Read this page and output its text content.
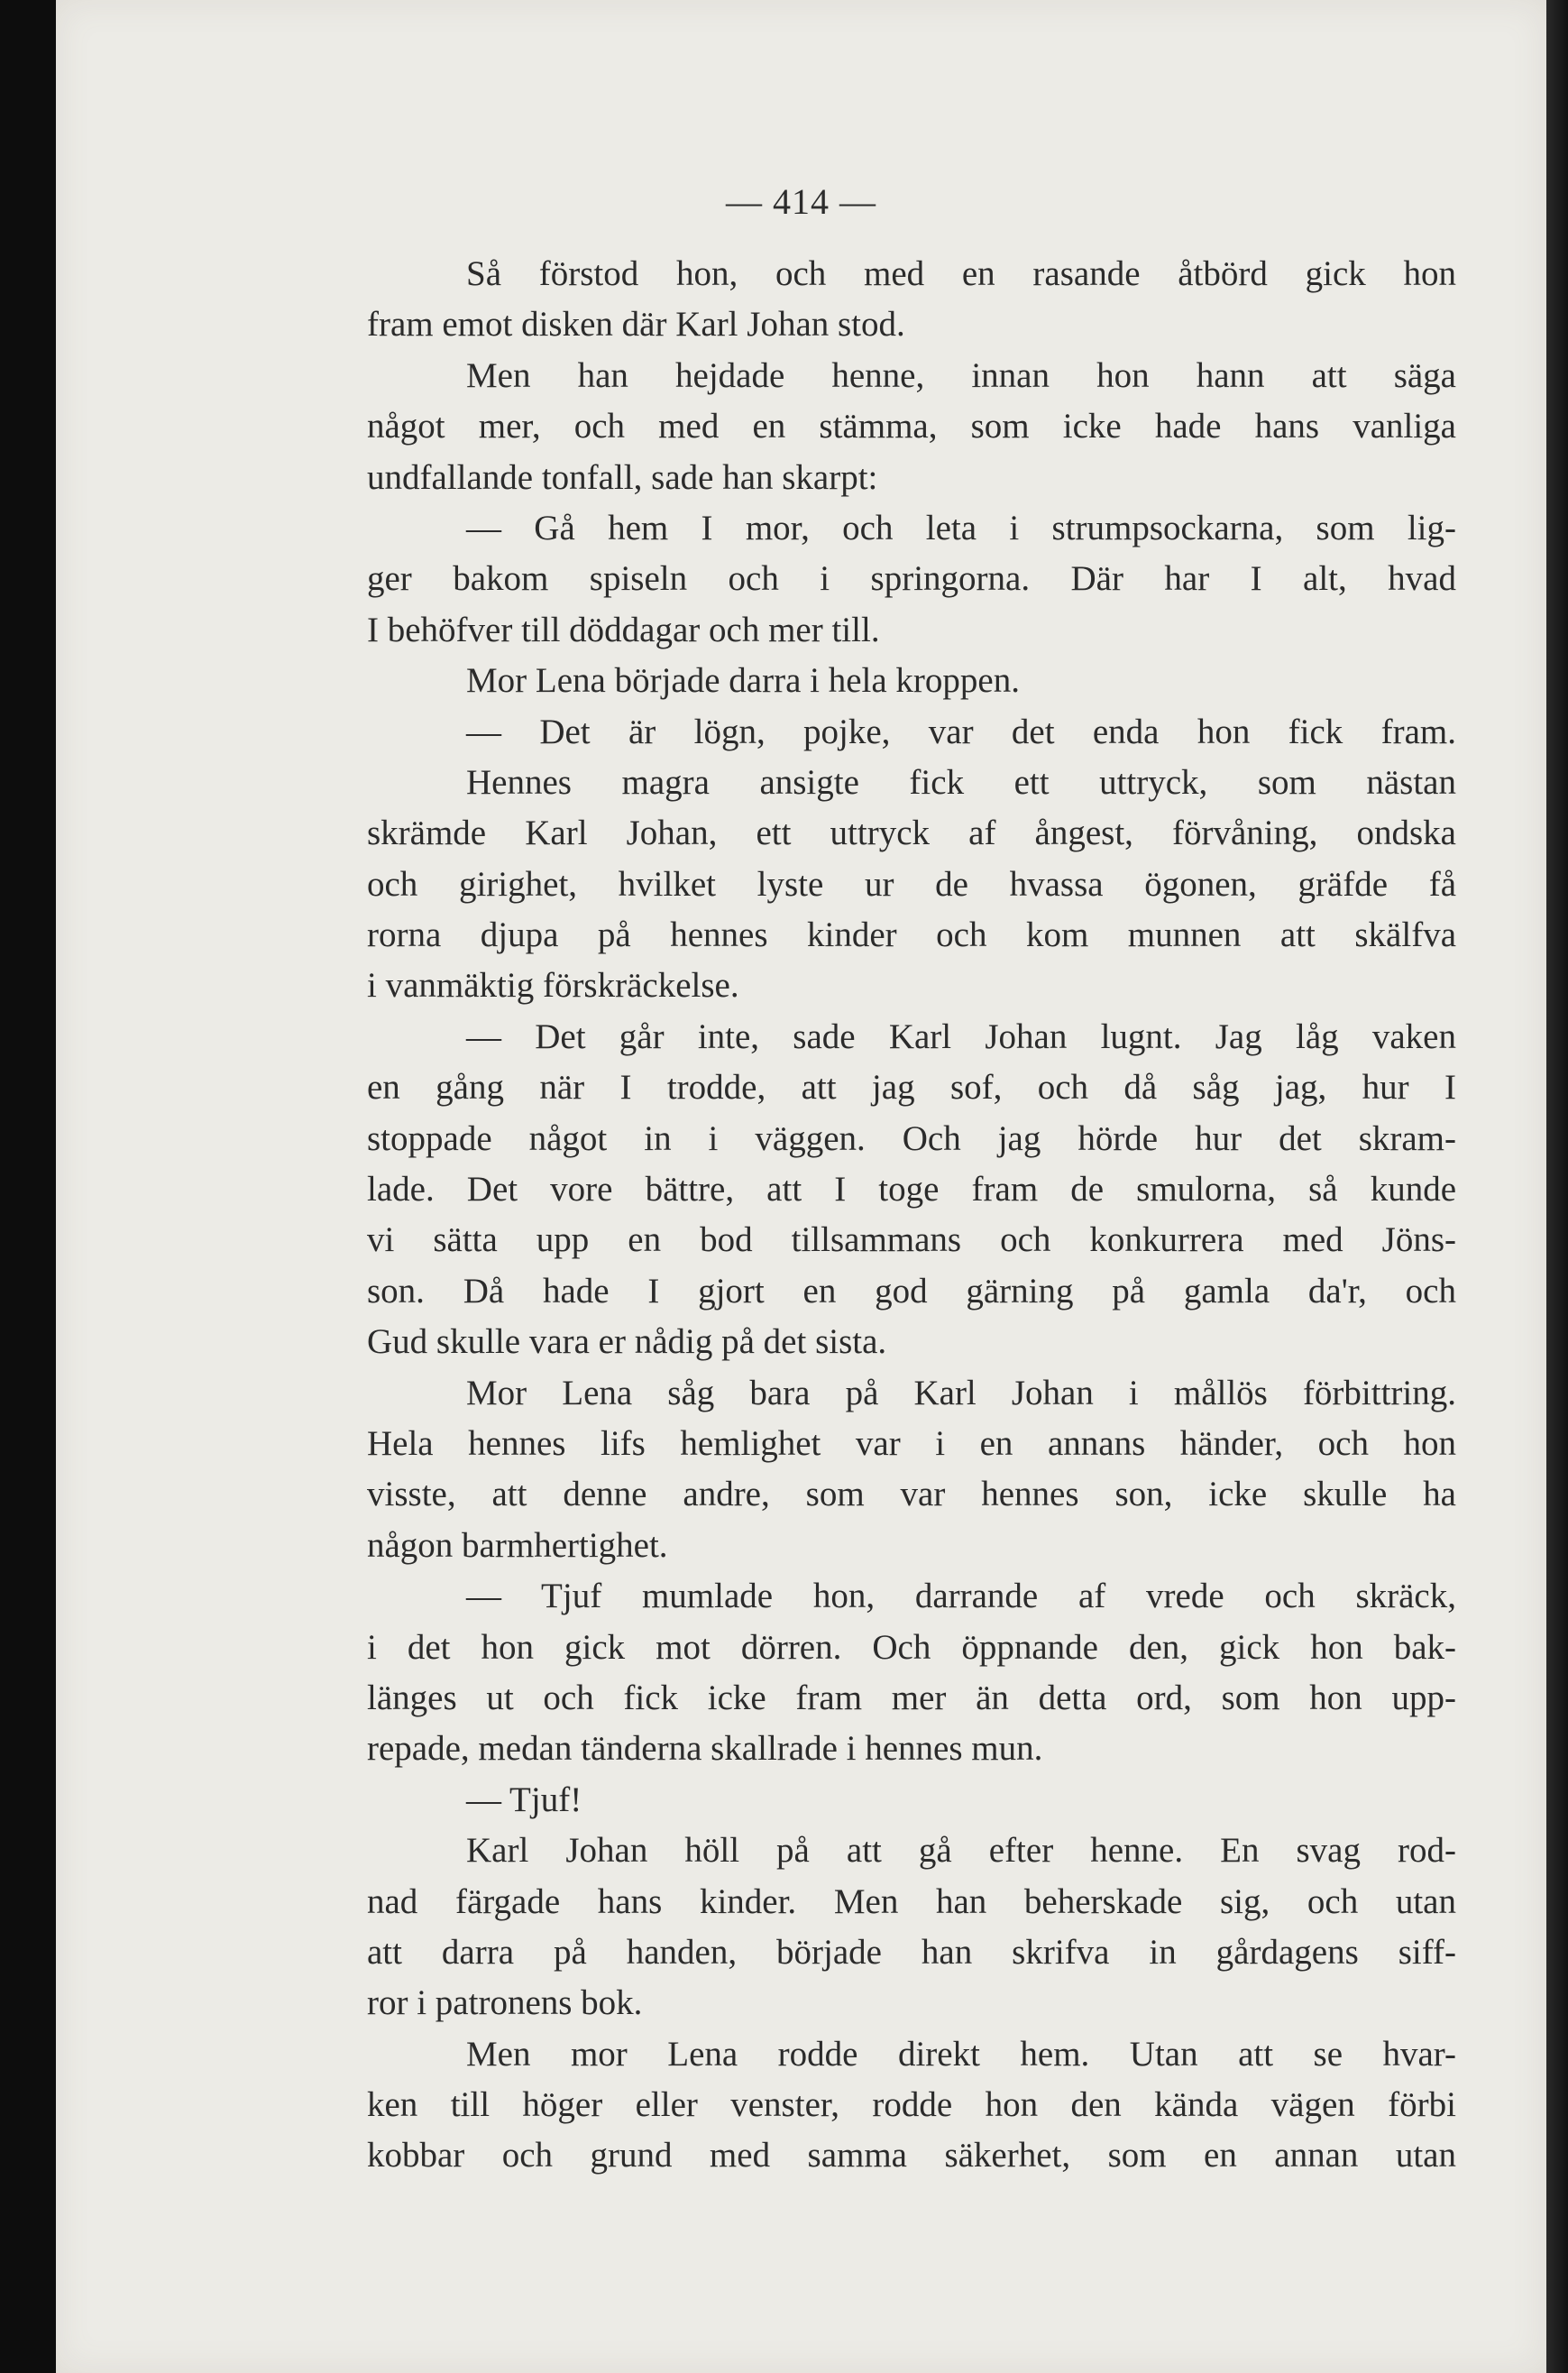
— 414 —
Så förstod hon, och med en rasande åtbörd gick hon
fram emot disken där Karl Johan stod.
Men han hejdade henne, innan hon hann att säga
något mer, och med en stämma, som icke hade hans vanliga
undfallande tonfall, sade han skarpt:
— Gå hem I mor, och leta i strumpsockarna, som lig-
ger bakom spiseln och i springorna. Där har I alt, hvad
I behöfver till döddagar och mer till.
Mor Lena började darra i hela kroppen.
— Det är lögn, pojke, var det enda hon fick fram.
Hennes magra ansigte fick ett uttryck, som nästan
skrämde Karl Johan, ett uttryck af ångest, förvåning, ondska
och girighet, hvilket lyste ur de hvassa ögonen, gräfde få
rorna djupa på hennes kinder och kom munnen att skälfva
i vanmäktig förskräckelse.
— Det går inte, sade Karl Johan lugnt. Jag låg vaken
en gång när I trodde, att jag sof, och då såg jag, hur I
stoppade något in i väggen. Och jag hörde hur det skram-
lade. Det vore bättre, att I toge fram de smulorna, så kunde
vi sätta upp en bod tillsammans och konkurrera med Jöns-
son. Då hade I gjort en god gärning på gamla da'r, och
Gud skulle vara er nådig på det sista.
Mor Lena såg bara på Karl Johan i mållös förbittring.
Hela hennes lifs hemlighet var i en annans händer, och hon
visste, att denne andre, som var hennes son, icke skulle ha
någon barmhertighet.
— Tjuf mumlade hon, darrande af vrede och skräck,
i det hon gick mot dörren. Och öppnande den, gick hon bak-
länges ut och fick icke fram mer än detta ord, som hon upp-
repade, medan tänderna skallrade i hennes mun.
— Tjuf!
Karl Johan höll på att gå efter henne. En svag rod-
nad färgade hans kinder. Men han beherskade sig, och utan
att darra på handen, började han skrifva in gårdagens siff-
ror i patronens bok.
Men mor Lena rodde direkt hem. Utan att se hvar-
ken till höger eller venster, rodde hon den kända vägen förbi
kobbar och grund med samma säkerhet, som en annan utan
